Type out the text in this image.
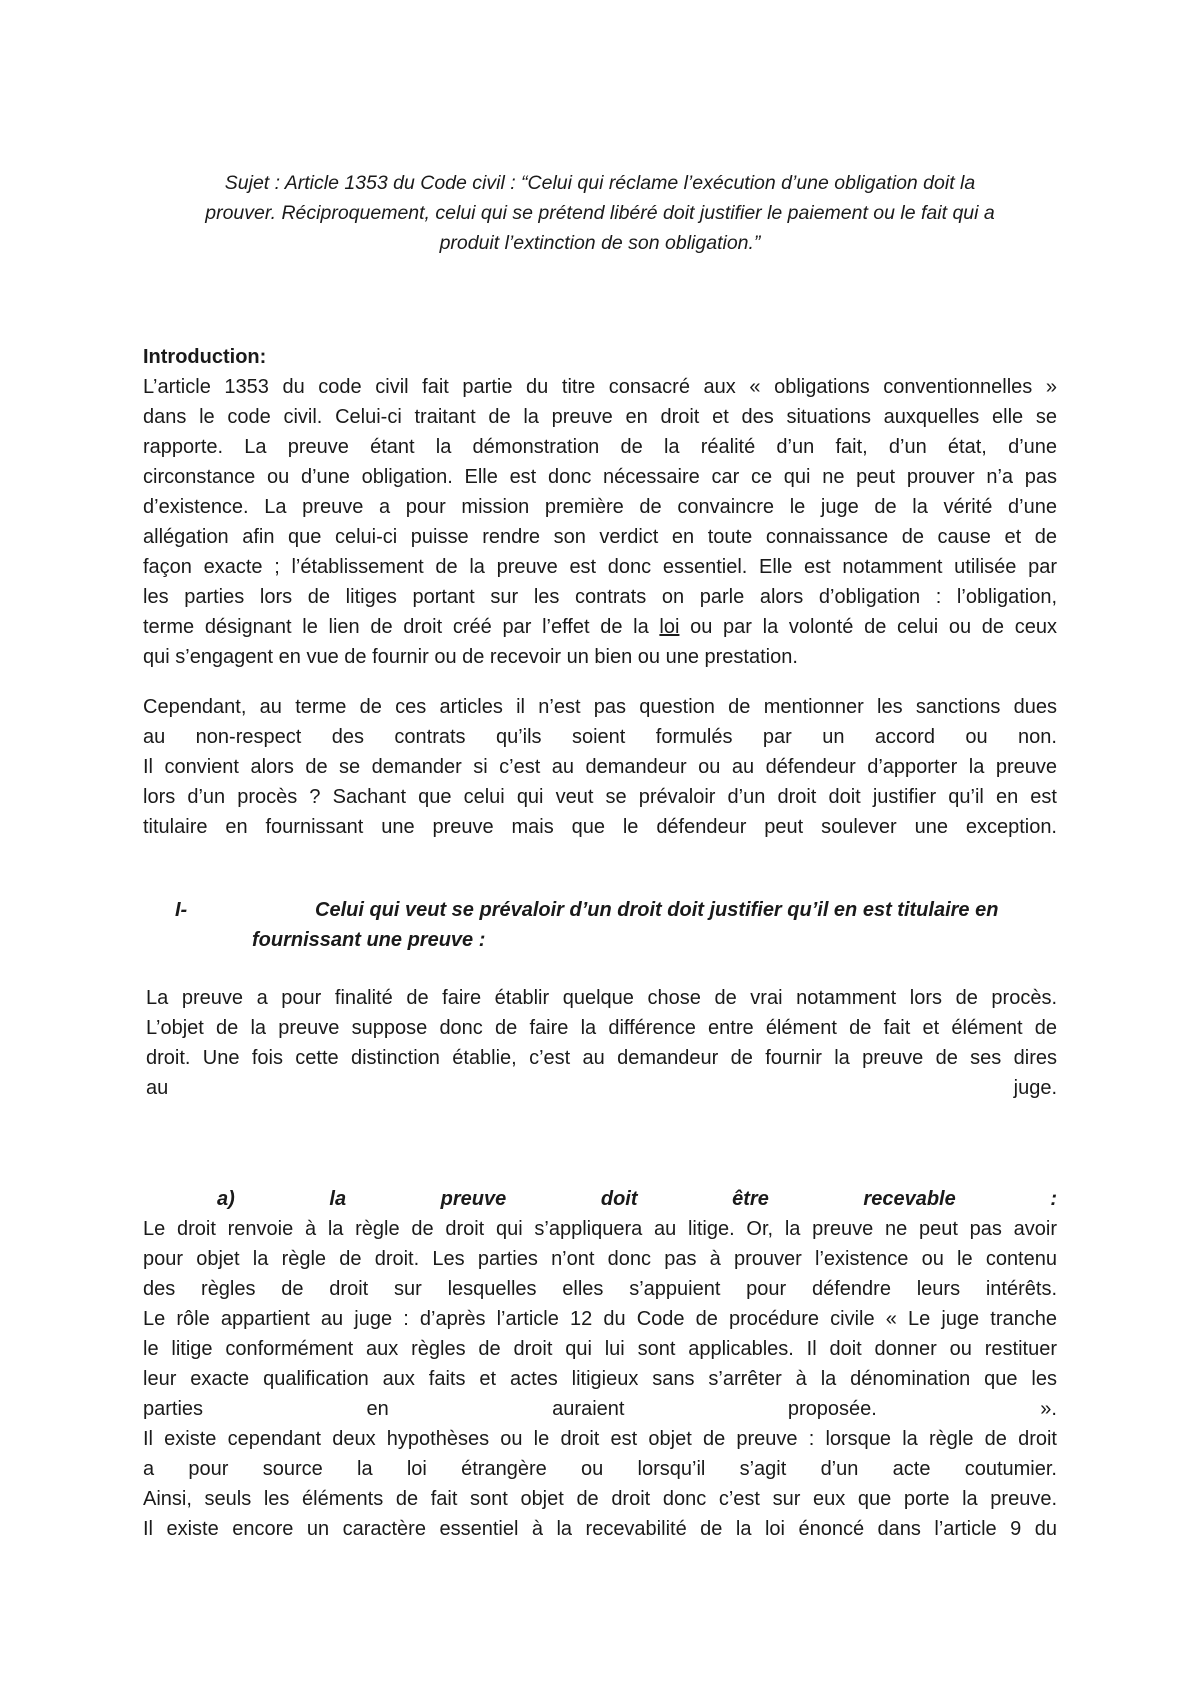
Sujet : Article 1353 du Code civil : “Celui qui réclame l’exécution d’une obligation doit la
prouver. Réciproquement, celui qui se prétend libéré doit justifier le paiement ou le fait qui a
produit l’extinction de son obligation.”
Introduction:
L’article 1353 du code civil fait partie du titre consacré aux « obligations conventionnelles »
dans le code civil. Celui-ci traitant de la preuve en droit et des situations auxquelles elle se
rapporte. La preuve étant la démonstration de la réalité d’un fait, d’un état, d’une
circonstance ou d’une obligation. Elle est donc nécessaire car ce qui ne peut prouver n’a pas
d’existence. La preuve a pour mission première de convaincre le juge de la vérité d’une
allégation afin que celui-ci puisse rendre son verdict en toute connaissance de cause et de
façon exacte ; l’établissement de la preuve est donc essentiel. Elle est notamment utilisée par
les parties lors de litiges portant sur les contrats on parle alors d’obligation : l’obligation,
terme désignant le lien de droit créé par l’effet de la loi ou par la volonté de celui ou de ceux
qui s’engagent en vue de fournir ou de recevoir un bien ou une prestation.
Cependant, au terme de ces articles il n’est pas question de mentionner les sanctions dues
au non-respect des contrats qu’ils soient formulés par un accord ou non.
Il convient alors de se demander si c’est au demandeur ou au défendeur d’apporter la preuve
lors d’un procès ? Sachant que celui qui veut se prévaloir d’un droit doit justifier qu’il en est
titulaire en fournissant une preuve mais que le défendeur peut soulever une exception.
I-	Celui qui veut se prévaloir d’un droit doit justifier qu’il en est titulaire en
fournissant une preuve :
La preuve a pour finalité de faire établir quelque chose de vrai notamment lors de procès.
L’objet de la preuve suppose donc de faire la différence entre élément de fait et élément de
droit. Une fois cette distinction établie, c’est au demandeur de fournir la preuve de ses dires
au juge.
a) la preuve doit être recevable :
Le droit renvoie à la règle de droit qui s’appliquera au litige. Or, la preuve ne peut pas avoir
pour objet la règle de droit. Les parties n’ont donc pas à prouver l’existence ou le contenu
des règles de droit sur lesquelles elles s’appuient pour défendre leurs intérêts.
Le rôle appartient au juge : d’après l’article 12 du Code de procédure civile « Le juge tranche
le litige conformément aux règles de droit qui lui sont applicables. Il doit donner ou restituer
leur exacte qualification aux faits et actes litigieux sans s’arrêter à la dénomination que les
parties en auraient proposée. ».
Il existe cependant deux hypothèses ou le droit est objet de preuve : lorsque la règle de droit
a pour source la loi étrangère ou lorsqu’il s’agit d’un acte coutumier.
Ainsi, seuls les éléments de fait sont objet de droit donc c’est sur eux que porte la preuve.
Il existe encore un caractère essentiel à la recevabilité de la loi énoncé dans l’article 9 du
